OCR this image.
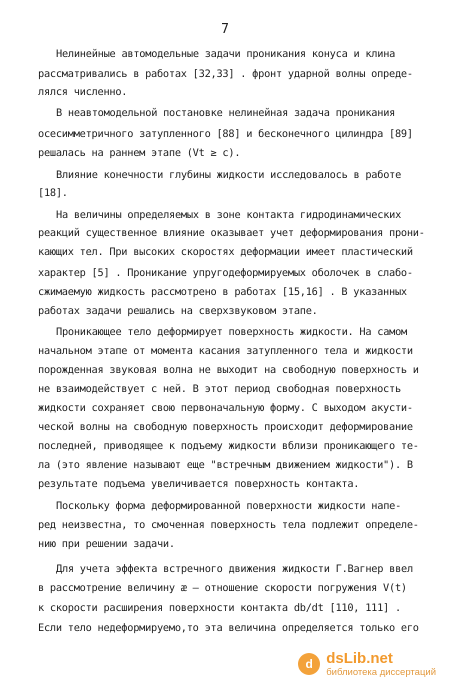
7
Нелинейные автомодельные задачи проникания конуса и клина
рассматривались в работах [32,33] . фронт ударной волны опреде-
лялся численно.
В неавтомодельной постановке нелинейная задача проникания
осесимметричного затупленного [88] и бесконечного цилиндра [89]
решалась на раннем этапе (Vt ≥ c).
Влияние конечности глубины жидкости исследовалось в работе
[18].
На величины определяемых в зоне контакта гидродинамических
реакций существенное влияние оказывает учет деформирования прони-
кающих тел. При высоких скоростях деформации имеет пластический
характер [5] . Проникание упругодеформируемых оболочек в слабо-
сжимаемую жидкость рассмотрено в работах [15,16] . В указанных
работах задачи решались на сверхзвуковом этапе.
Проникающее тело деформирует поверхность жидкости. На самом
начальном этапе от момента касания затупленного тела и жидкости
порожденная звуковая волна не выходит на свободную поверхность и
не взаимодействует с ней. В этот период свободная поверхность
жидкости сохраняет свою первоначальную форму. С выходом акусти-
ческой волны на свободную поверхность происходит деформирование
последней, приводящее к подъему жидкости вблизи проникающего те-
ла (это явление называют еще "встречным движением жидкости"). В
результате подъема увеличивается поверхность контакта.
Поскольку форма деформированной поверхности жидкости напе-
ред неизвестна, то смоченная поверхность тела подлежит определе-
нию при решении задачи.
Для учета эффекта встречного движения жидкости Г.Вагнер ввел
в рассмотрение величину æ — отношение скорости погружения V(t)
к скорости расширения поверхности контакта db/dt [110, 111] .
Если тело недеформируемо,то эта величина определяется только его
d dsLib.net
библиотека диссертаций
